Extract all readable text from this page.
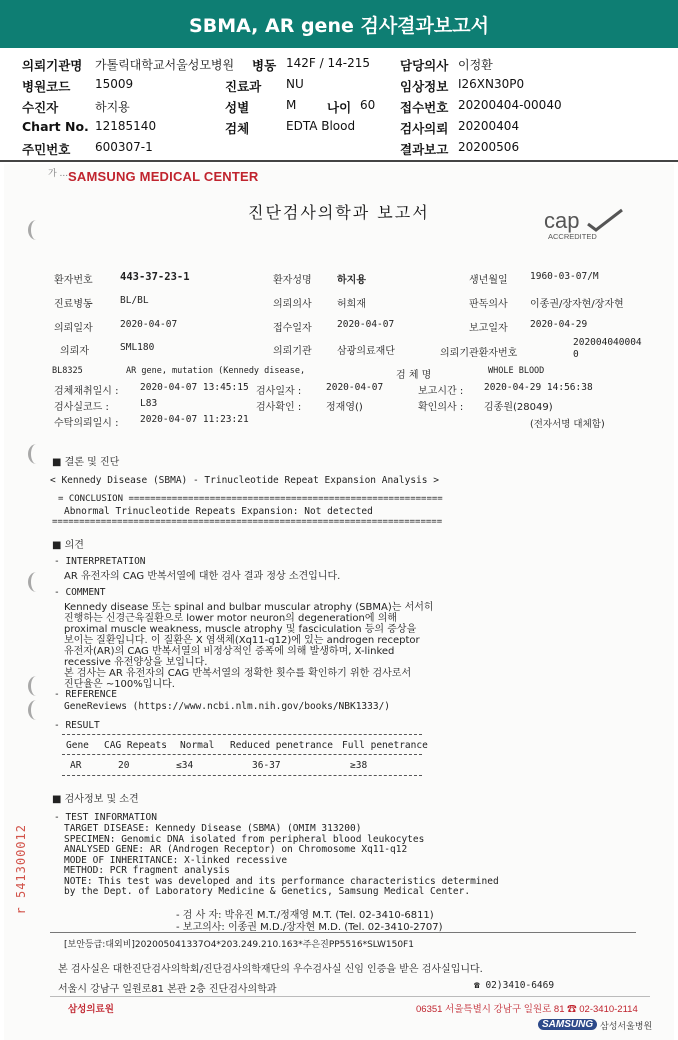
SBMA, AR gene 검사결과보고서
의뢰기관명 가톨릭대학교서울성모병원 병동 142F / 14-215 담당의사 이정환
병원코드 15009	진료과 NU	임상정보 I26XN30P0
수진자	하지용	성별	M 나이 60 접수번호 20200404-00040
Chart No. 12185140	검체	EDTA Blood	검사의뢰 20200404
주민번호 600307-1	결과보고 20200506
가 ... SAMSUNG MEDICAL CENTER
진단검사의학과 보고서	cap
ACCREDITED
환자번호	443-37-23-1	환자성명	하지용	생년월일 1960-03-07/M
진료병동	BL/BL	의뢰의사	허희재	판독의사 이종권/장자현/장자현
의뢰일자	2020-04-07	접수일자	2020-04-07	보고일자 2020-04-29
의뢰자	SML180	의뢰기관	삼광의료재단	의뢰기관환자번호
202004040004
0
BL8325	AR gene, mutation (Kennedy disease,	검 체 명	WHOLE BLOOD
검체채취일시 : 2020-04-07 13:45:15 검사일자 :	2020-04-07	보고시간 : 2020-04-29 14:56:38
검사실코드 :	L83	검사확인 : 정재영()	확인의사 : 김종원(28049)
수탁의뢰일시 : 2020-04-07 11:23:21	(전자서명 대체함)
■ 결론 및 진단
< Kennedy Disease (SBMA) - Trinucleotide Repeat Expansion Analysis >
= CONCLUSION ==========================================================
Abnormal Trinucleotide Repeats Expansion: Not detected
========================================================================
■ 의견
- INTERPRETATION
AR 유전자의 CAG 반복서열에 대한 검사 결과 정상 소견입니다.
- COMMENT
Kennedy disease 또는 spinal and bulbar muscular atrophy (SBMA)는 서서히
진행하는 신경근육질환으로 lower motor neuron의 degeneration에 의해
proximal muscle weakness, muscle atrophy 및 fasciculation 등의 증상을
보이는 질환입니다. 이 질환은 X 염색체(Xq11-q12)에 있는 androgen receptor
유전자(AR)의 CAG 반복서열의 비정상적인 증폭에 의해 발생하며, X-linked
recessive 유전양상을 보입니다.
본 검사는 AR 유전자의 CAG 반복서열의 정확한 횟수를 확인하기 위한 검사로서
진단율은 ~100%입니다.
- REFERENCE
GeneReviews (https://www.ncbi.nlm.nih.gov/books/NBK1333/)
- RESULT
Gene CAG Repeats Normal Reduced penetrance Full penetrance
AR	20	≤34	36-37	≥38
■ 검사정보 및 소견
- TEST INFORMATION
TARGET DISEASE: Kennedy Disease (SBMA) (OMIM 313200)
SPECIMEN: Genomic DNA isolated from peripheral blood leukocytes
ANALYSED GENE: AR (Androgen Receptor) on Chromosome Xq11-q12
MODE OF INHERITANCE: X-linked recessive
METHOD: PCR fragment analysis
NOTE: This test was developed and its performance characteristics determined
by the Dept. of Laboratory Medicine & Genetics, Samsung Medical Center.
- 검 사 자: 박유진 M.T./정재영 M.T. (Tel. 02-3410-6811)
- 보고의사: 이종권 M.D./장자현 M.D. (Tel. 02-3410-2707)
r 541300012
[보안등급:대외비]202005041337O4*203.249.210.163*주은진PP5516*SLW150F1
본 검사실은 대한진단검사의학회/진단검사의학재단의 우수검사실 신임 인증을 받은 검사실입니다.
서울시 강남구 일원로81 본관 2층 진단검사의학과	☎ 02)3410-6469
삼성의료원	06351 서울특별시 강남구 일원로 81 ☎ 02-3410-2114
SAMSUNG 삼성서울병원
